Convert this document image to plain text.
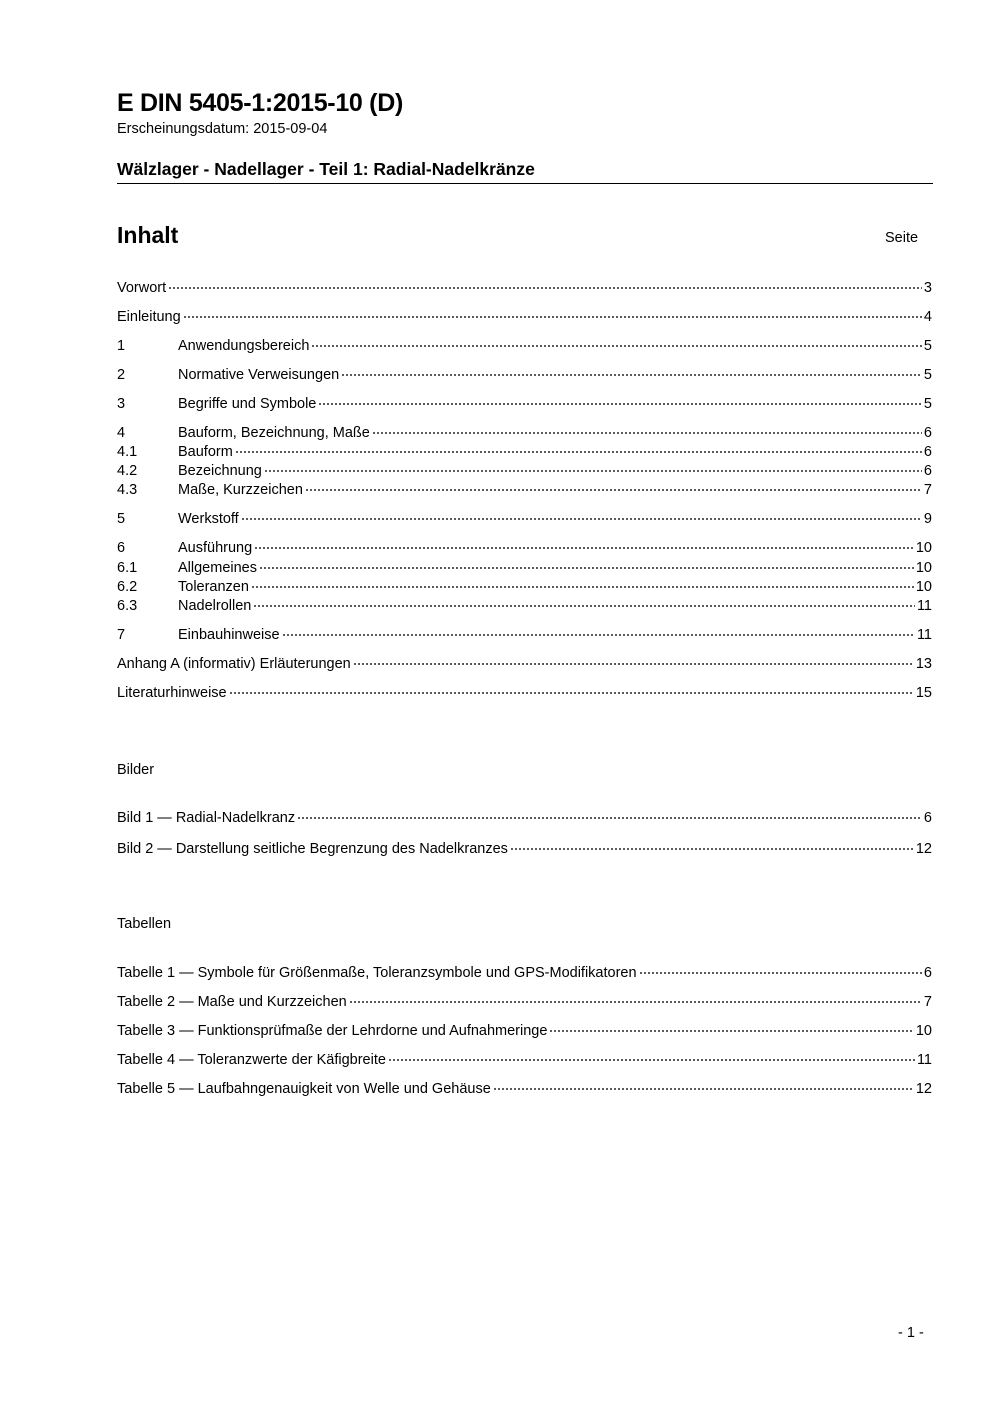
E DIN 5405-1:2015-10 (D)

Erscheinungsdatum: 2015-09-04

Wälzlager - Nadellager - Teil 1: Radial-Nadelkränze
Inhalt	Seite
Vorwort	3
Einleitung	4
1	Anwendungsbereich	5
2	Normative Verweisungen	5
3	Begriffe und Symbole	5
4	Bauform, Bezeichnung, Maße	6
4.1	Bauform	6
4.2	Bezeichnung	6
4.3	Maße, Kurzzeichen	7
5	Werkstoff	9
6	Ausführung	10
6.1	Allgemeines	10
6.2	Toleranzen	10
6.3	Nadelrollen	11
7	Einbauhinweise	11
Anhang A (informativ) Erläuterungen	13
Literaturhinweise	15
Bilder
Bild 1 — Radial-Nadelkranz	6
Bild 2 — Darstellung seitliche Begrenzung des Nadelkranzes	12
Tabellen
Tabelle 1 — Symbole für Größenmaße, Toleranzsymbole und GPS-Modifikatoren	6
Tabelle 2 — Maße und Kurzzeichen	7
Tabelle 3 — Funktionsprüfmaße der Lehrdorne und Aufnahmeringe	10
Tabelle 4 — Toleranzwerte der Käfigbreite	11
Tabelle 5 — Laufbahngenauigkeit von Welle und Gehäuse	12
- 1 -
